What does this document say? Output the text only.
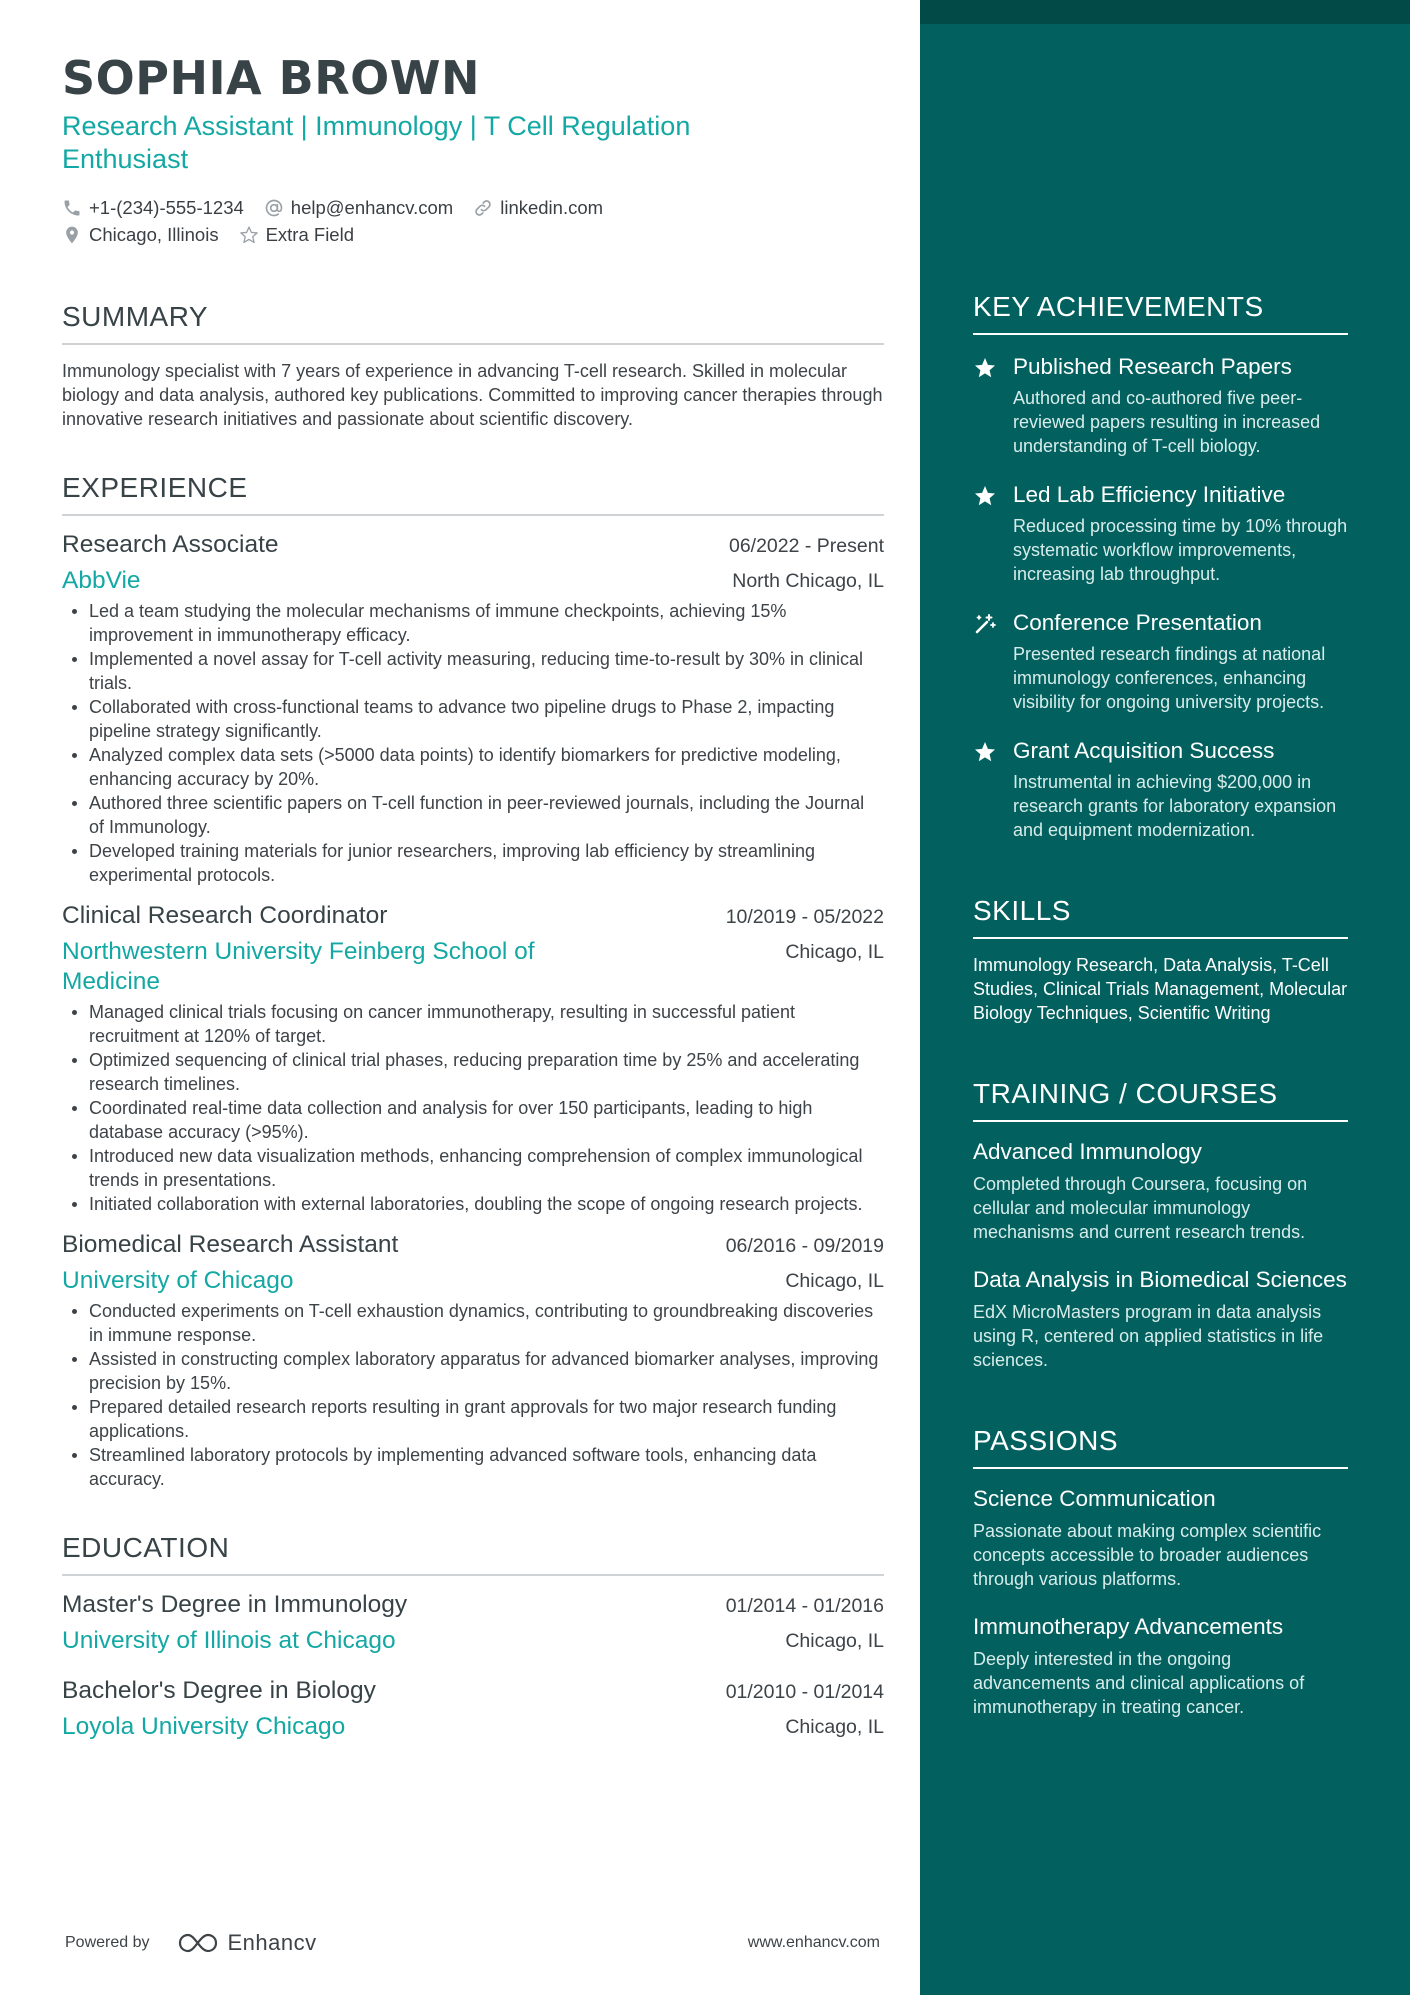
KEY ACHIEVEMENTS
Published Research Papers
Authored and co-authored five peer-reviewed papers resulting in increased understanding of T-cell biology.
Led Lab Efficiency Initiative
Reduced processing time by 10% through systematic workflow improvements, increasing lab throughput.
Conference Presentation
Presented research findings at national immunology conferences, enhancing visibility for ongoing university projects.
Grant Acquisition Success
Instrumental in achieving $200,000 in research grants for laboratory expansion and equipment modernization.
SKILLS
Immunology Research, Data Analysis, T-Cell Studies, Clinical Trials Management, Molecular Biology Techniques, Scientific Writing
TRAINING / COURSES
Advanced Immunology
Completed through Coursera, focusing on cellular and molecular immunology mechanisms and current research trends.
Data Analysis in Biomedical Sciences
EdX MicroMasters program in data analysis using R, centered on applied statistics in life sciences.
PASSIONS
Science Communication
Passionate about making complex scientific concepts accessible to broader audiences through various platforms.
Immunotherapy Advancements
Deeply interested in the ongoing advancements and clinical applications of immunotherapy in treating cancer.
SOPHIA BROWN
Research Assistant | Immunology | T Cell Regulation Enthusiast
+1-(234)-555-1234	help@enhancv.com	linkedin.com
Chicago, Illinois	Extra Field
SUMMARY
Immunology specialist with 7 years of experience in advancing T-cell research. Skilled in molecular biology and data analysis, authored key publications. Committed to improving cancer therapies through innovative research initiatives and passionate about scientific discovery.
EXPERIENCE
Research Associate	06/2022 - Present
AbbVie	North Chicago, IL
Led a team studying the molecular mechanisms of immune checkpoints, achieving 15% improvement in immunotherapy efficacy.
Implemented a novel assay for T-cell activity measuring, reducing time-to-result by 30% in clinical trials.
Collaborated with cross-functional teams to advance two pipeline drugs to Phase 2, impacting pipeline strategy significantly.
Analyzed complex data sets (>5000 data points) to identify biomarkers for predictive modeling, enhancing accuracy by 20%.
Authored three scientific papers on T-cell function in peer-reviewed journals, including the Journal of Immunology.
Developed training materials for junior researchers, improving lab efficiency by streamlining experimental protocols.
Clinical Research Coordinator	10/2019 - 05/2022
Northwestern University Feinberg School of Medicine
Chicago, IL
Managed clinical trials focusing on cancer immunotherapy, resulting in successful patient recruitment at 120% of target.
Optimized sequencing of clinical trial phases, reducing preparation time by 25% and accelerating research timelines.
Coordinated real-time data collection and analysis for over 150 participants, leading to high database accuracy (>95%).
Introduced new data visualization methods, enhancing comprehension of complex immunological trends in presentations.
Initiated collaboration with external laboratories, doubling the scope of ongoing research projects.
Biomedical Research Assistant	06/2016 - 09/2019
University of Chicago	Chicago, IL
Conducted experiments on T-cell exhaustion dynamics, contributing to groundbreaking discoveries in immune response.
Assisted in constructing complex laboratory apparatus for advanced biomarker analyses, improving precision by 15%.
Prepared detailed research reports resulting in grant approvals for two major research funding applications.
Streamlined laboratory protocols by implementing advanced software tools, enhancing data accuracy.
EDUCATION
Master's Degree in Immunology	01/2014 - 01/2016
University of Illinois at Chicago	Chicago, IL
Bachelor's Degree in Biology	01/2010 - 01/2014
Loyola University Chicago	Chicago, IL
Powered by	Enhancv	www.enhancv.com
